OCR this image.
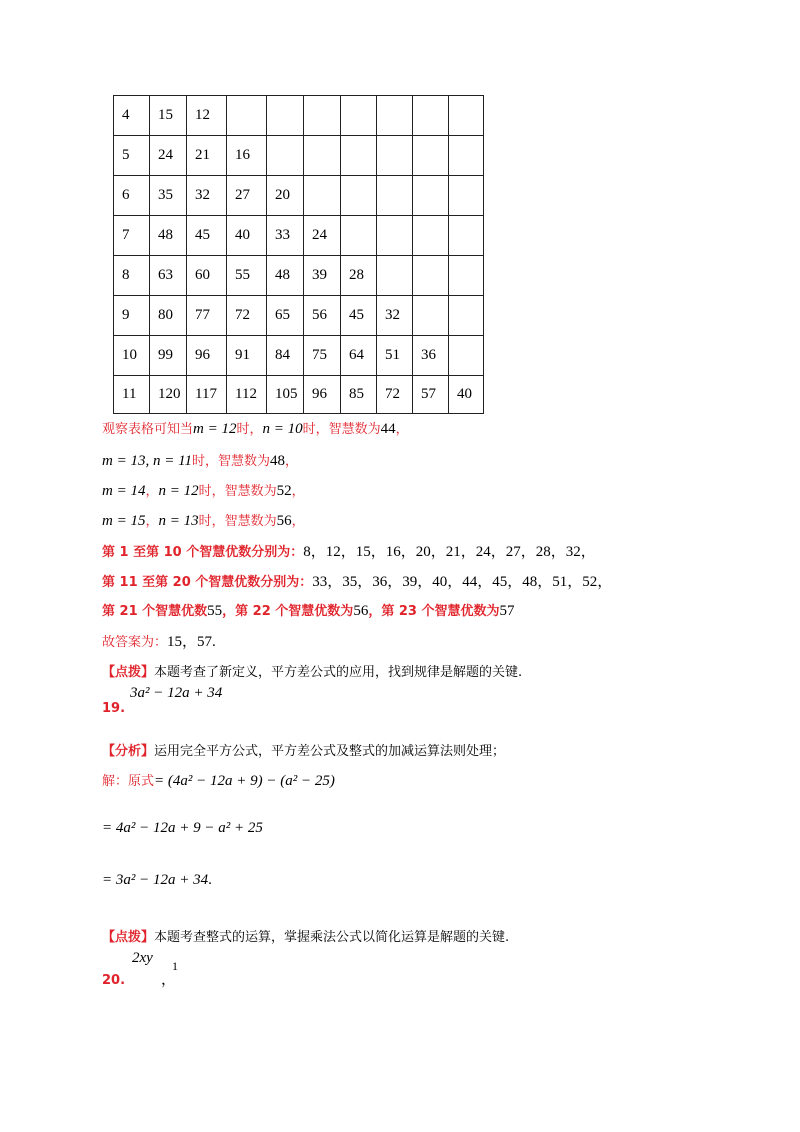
4	15	12							
5	24	21	16						
6	35	32	27	20					
7	48	45	40	33	24				
8	63	60	55	48	39	28			
9	80	77	72	65	56	45	32		
10	99	96	91	84	75	64	51	36	
11	120	117	112	105	96	85	72	57	40
观察表格可知当m = 12时，n = 10时，智慧数为44，
m = 13, n = 11时，智慧数为48，
m = 14，n = 12时，智慧数为52，
m = 15，n = 13时，智慧数为56，
第 1 至第 10 个智慧优数分别为：8，12，15，16，20，21，24，27，28，32，
第 11 至第 20 个智慧优数分别为：33，35，36，39，40，44，45，48，51，52，
第 21 个智慧优数55，第 22 个智慧优数为56，第 23 个智慧优数为57
故答案为：15，57.
【点拨】本题考查了新定义，平方差公式的应用，找到规律是解题的关键.
3a² − 12a + 34
19.
【分析】运用完全平方公式，平方差公式及整式的加减运算法则处理；
解：原式= (4a² − 12a + 9) − (a² − 25)
= 4a² − 12a + 9 − a² + 25
= 3a² − 12a + 34.
【点拨】本题考查整式的运算，掌握乘法公式以简化运算是解题的关键.
2xy 1
20. ，
